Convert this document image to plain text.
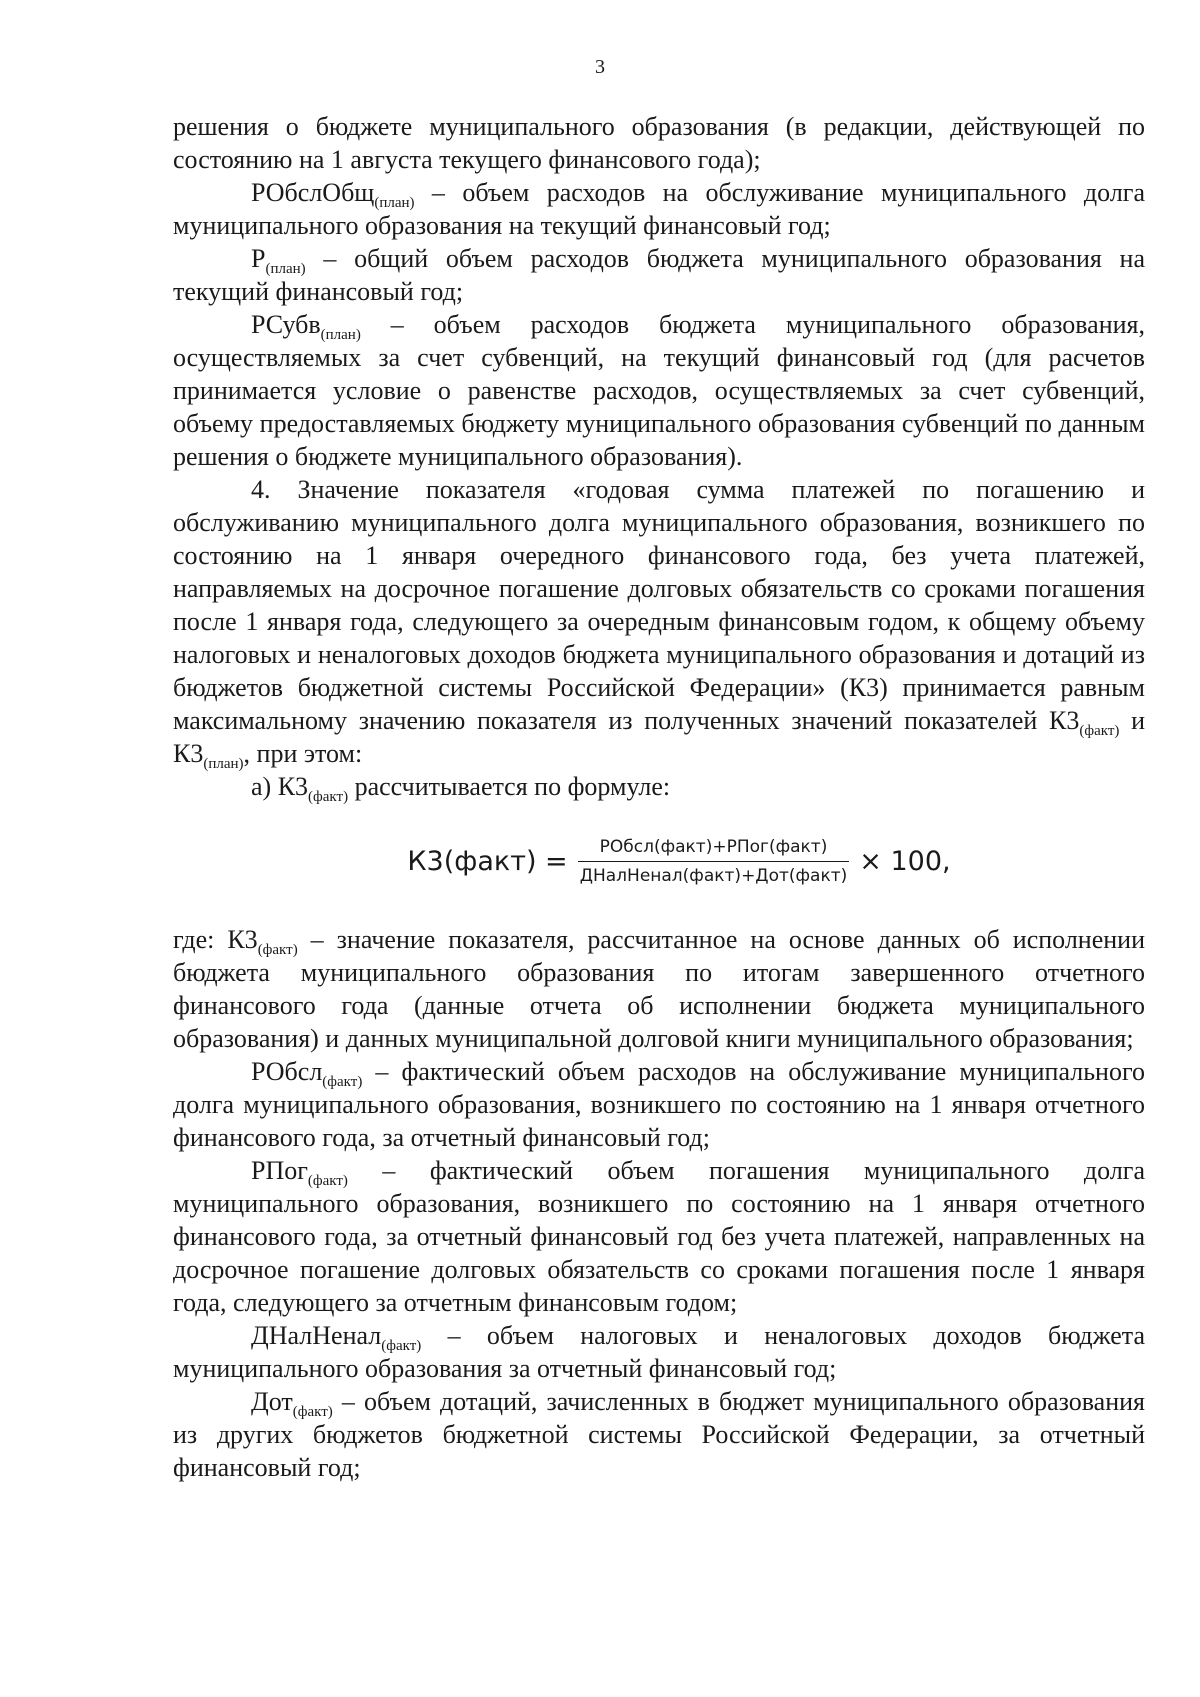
3

решения о бюджете муниципального образования (в редакции, действующей по состоянию на 1 августа текущего финансового года);

РОбслОбщ$_{(план)}$ – объем расходов на обслуживание муниципального долга муниципального образования на текущий финансовый год;

$Р_{(план)}$ – общий объем расходов бюджета муниципального образования на текущий финансовый год;

РСубв$_{(план)}$ – объем расходов бюджета муниципального образования, осуществляемых за счет субвенций, на текущий финансовый год (для расчетов принимается условие о равенстве расходов, осуществляемых за счет субвенций, объему предоставляемых бюджету муниципального образования субвенций по данным решения о бюджете муниципального образования).

4. Значение показателя «годовая сумма платежей по погашению и обслуживанию муниципального долга муниципального образования, возникшего по состоянию на 1 января очередного финансового года, без учета платежей, направляемых на досрочное погашение долговых обязательств со сроками погашения после 1 января года, следующего за очередным финансовым годом, к общему объему налоговых и неналоговых доходов бюджета муниципального образования и дотаций из бюджетов бюджетной системы Российской Федерации» (К3) принимается равным максимальному значению показателя из полученных значений показателей $К3_{(факт)}$ и $К3_{(план)}$, при этом:

а) $К3_{(факт)}$ рассчитывается по формуле:

К3(факт) = $\frac{\text{РОбсл(факт)+РПог(факт)}}{\text{ДНалНенал(факт)+Дот(факт)}} \times 100$,

где: $К3_{(факт)}$ – значение показателя, рассчитанное на основе данных об исполнении бюджета муниципального образования по итогам завершенного отчетного финансового года (данные отчета об исполнении бюджета муниципального образования) и данных муниципальной долговой книги муниципального образования;

РОбсл$_{(факт)}$ – фактический объем расходов на обслуживание муниципального долга муниципального образования, возникшего по состоянию на 1 января отчетного финансового года, за отчетный финансовый год;

РПог$_{(факт)}$ – фактический объем погашения муниципального долга муниципального образования, возникшего по состоянию на 1 января отчетного финансового года, за отчетный финансовый год без учета платежей, направленных на досрочное погашение долговых обязательств со сроками погашения после 1 января года, следующего за отчетным финансовым годом;

ДНалНенал$_{(факт)}$ – объем налоговых и неналоговых доходов бюджета муниципального образования за отчетный финансовый год;

Дот$_{(факт)}$ – объем дотаций, зачисленных в бюджет муниципального образования из других бюджетов бюджетной системы Российской Федерации, за отчетный финансовый год;
